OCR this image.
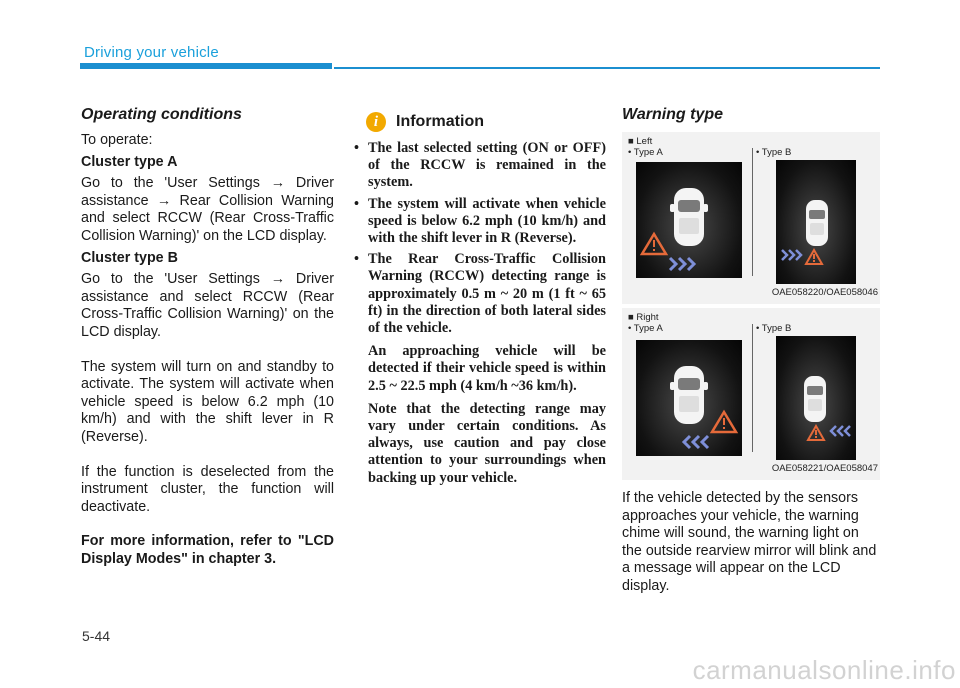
Driving your vehicle
Operating conditions

To operate:

Cluster type A

Go to the 'User Settings → Driver assistance → Rear Collision Warning and select RCCW (Rear Cross-Traffic Collision Warning)' on the LCD display.

Cluster type B

Go to the 'User Settings → Driver assistance and select RCCW (Rear Cross-Traffic Collision Warning)' on the LCD display.

The system will turn on and standby to activate. The system will activate when vehicle speed is below 6.2 mph (10 km/h) and with the shift lever in R (Reverse).

If the function is deselected from the instrument cluster, the function will deactivate.

For more information, refer to "LCD Display Modes" in chapter 3.

i	Information
• The last selected setting (ON or OFF) of the RCCW is remained in the system.
• The system will activate when vehicle speed is below 6.2 mph (10 km/h) and with the shift lever in R (Reverse).
• The Rear Cross-Traffic Collision Warning (RCCW) detecting range is approximately 0.5 m ~ 20 m (1 ft ~ 65 ft) in the direction of both lateral sides of the vehicle.

An approaching vehicle will be detected if their vehicle speed is within 2.5 ~ 22.5 mph (4 km/h ~36 km/h).

Note that the detecting range may vary under certain conditions. As always, use caution and pay close attention to your surroundings when backing up your vehicle.

Warning type
■ Left
• Type A	• Type B
OAE058220/OAE058046
■ Right
• Type A	• Type B
OAE058221/OAE058047

If the vehicle detected by the sensors approaches your vehicle, the warning chime will sound, the warning light on the outside rearview mirror will blink and a message will appear on the LCD display.

5-44
carmanualsonline.info
